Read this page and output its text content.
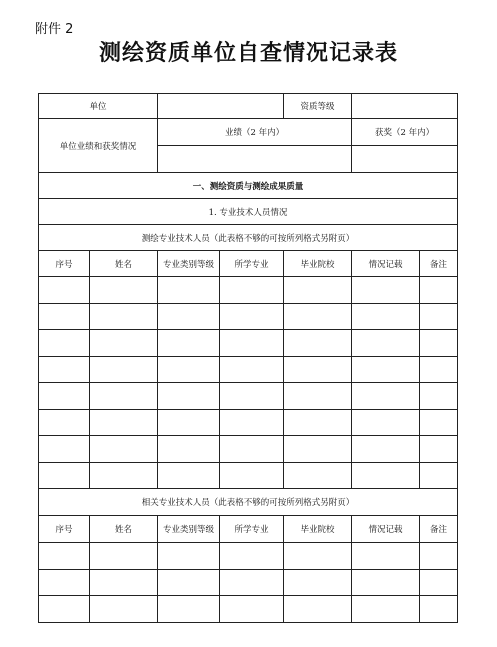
附件 2
测绘资质单位自查情况记录表
单位				资质等级		
单位业绩和获奖情况		业绩（2 年内）			获奖（2 年内）	

一、测绘资质与测绘成果质量						
1. 专业技术人员情况						
测绘专业技术人员（此表格不够的可按所列格式另附页）						
序号	姓名	专业类别等级	所学专业	毕业院校	情况记载	备注

相关专业技术人员（此表格不够的可按所列格式另附页）						
序号	姓名	专业类别等级	所学专业	毕业院校	情况记载	备注
